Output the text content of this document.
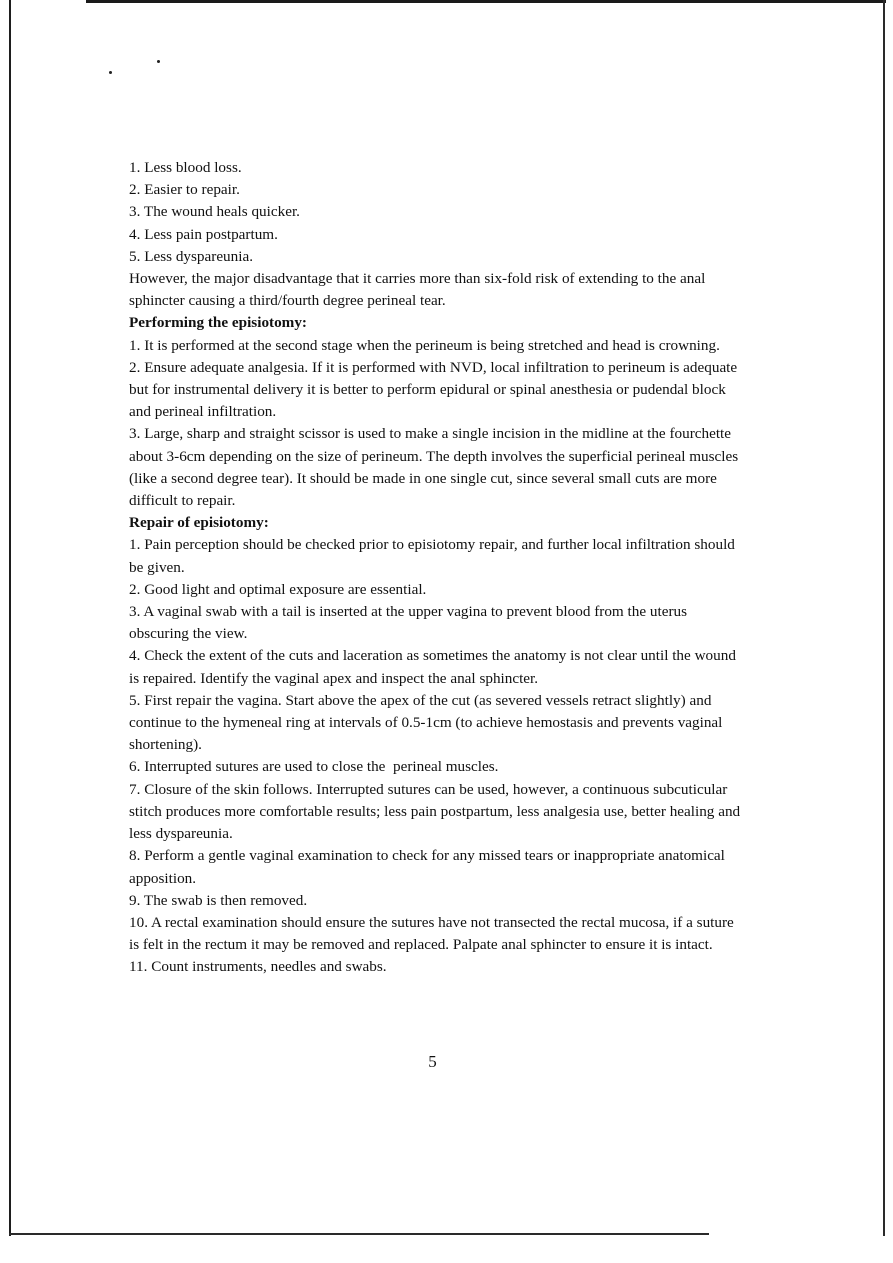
1. Less blood loss.

2. Easier to repair.

3. The wound heals quicker.

4. Less pain postpartum.

5. Less dyspareunia.

However, the major disadvantage that it carries more than six-fold risk of extending to the anal sphincter causing a third/fourth degree perineal tear.

Performing the episiotomy:

1. It is performed at the second stage when the perineum is being stretched and head is crowning.

2. Ensure adequate analgesia. If it is performed with NVD, local infiltration to perineum is adequate but for instrumental delivery it is better to perform epidural or spinal anesthesia or pudendal block and perineal infiltration.

3. Large, sharp and straight scissor is used to make a single incision in the midline at the fourchette about 3-6cm depending on the size of perineum. The depth involves the superficial perineal muscles (like a second degree tear). It should be made in one single cut, since several small cuts are more difficult to repair.

Repair of episiotomy:

1. Pain perception should be checked prior to episiotomy repair, and further local infiltration should be given.

2. Good light and optimal exposure are essential.

3. A vaginal swab with a tail is inserted at the upper vagina to prevent blood from the uterus obscuring the view.

4. Check the extent of the cuts and laceration as sometimes the anatomy is not clear until the wound is repaired. Identify the vaginal apex and inspect the anal sphincter.

5. First repair the vagina. Start above the apex of the cut (as severed vessels retract slightly) and continue to the hymeneal ring at intervals of 0.5-1cm (to achieve hemostasis and prevents vaginal shortening).

6. Interrupted sutures are used to close the  perineal muscles.

7. Closure of the skin follows. Interrupted sutures can be used, however, a continuous subcuticular stitch produces more comfortable results; less pain postpartum, less analgesia use, better healing and less dyspareunia.

8. Perform a gentle vaginal examination to check for any missed tears or inappropriate anatomical apposition.

9. The swab is then removed.

10. A rectal examination should ensure the sutures have not transected the rectal mucosa, if a suture is felt in the rectum it may be removed and replaced. Palpate anal sphincter to ensure it is intact.

11. Count instruments, needles and swabs.

5
